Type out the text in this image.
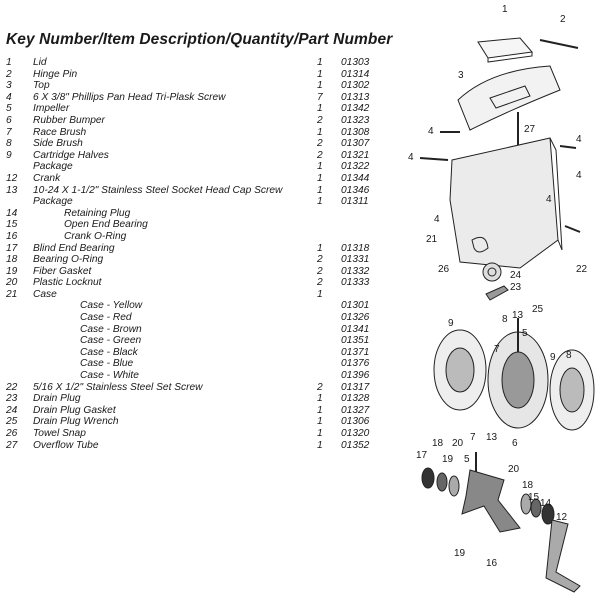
Key Number/Item Description/Quantity/Part Number
1 Lid	1 01303
2 Hinge Pin	1 01314
3 Top	1 01302
4 6 X 3/8" Phillips Pan Head Tri-Plask Screw	7 01313
5 Impeller	1 01342
6 Rubber Bumper	2 01323
7 Race Brush	1 01308
8 Side Brush	2 01307
9 Cartridge Halves	2 01321
Package	1 01322
12 Crank	1 01344
13 10-24 X 1-1/2" Stainless Steel Socket Head Cap Screw	1 01346
Package	1 01311
14	Retaining Plug
15	Open End Bearing
16	Crank O-Ring
17 Blind End Bearing	1 01318
18 Bearing O-Ring	2 01331
19 Fiber Gasket	2 01332
20 Plastic Locknut	2 01333
21 Case	1
Case - Yellow	01301
Case - Red	01326
Case - Brown	01341
Case - Green	01351
Case - Black	01371
Case - Blue	01376
Case - White	01396
22 5/16 X 1/2" Stainless Steel Set Screw	2 01317
23 Drain Plug	1 01328
24 Drain Plug Gasket	1 01327
25 Drain Plug Wrench	1 01306
26 Towel Snap	1 01320
27 Overflow Tube	1 01352
1
2
3
4
4
4
4
4
4
27
21
26
24
22
23
25
9	8 13
5
9 8
7
6
13
7
18 20
17 19 5
20
18
15
14
12
19
16
